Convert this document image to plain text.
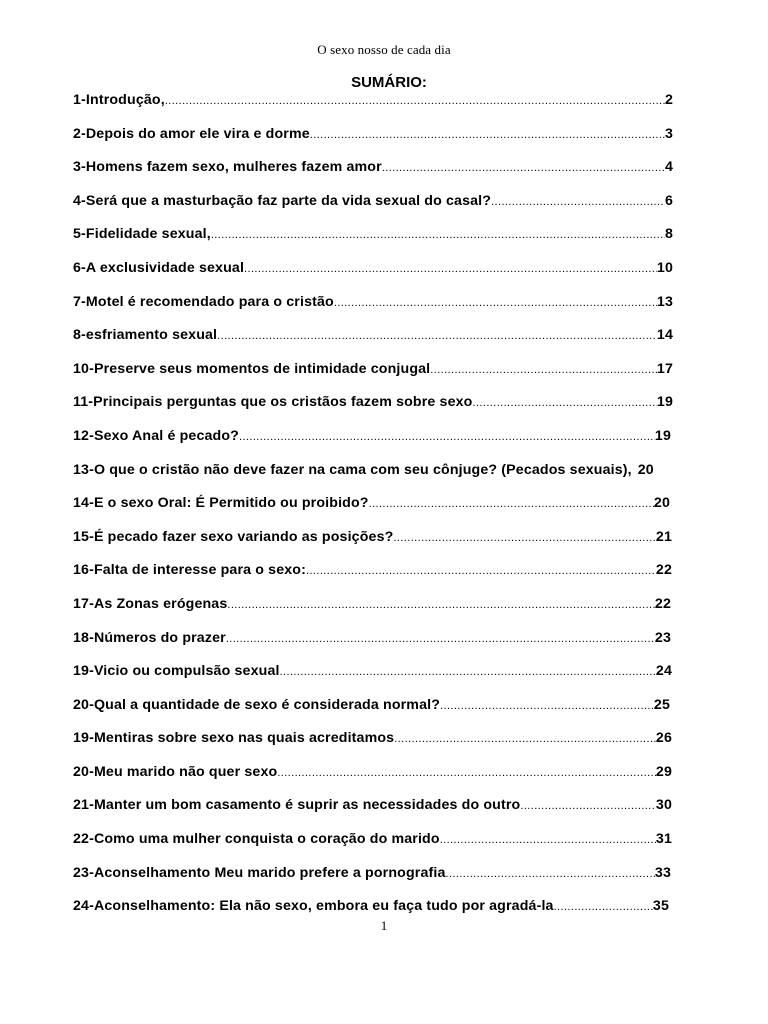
O sexo nosso de cada dia
SUMÁRIO:
1-Introdução, .....	2
2-Depois do amor ele vira e dorme .....	3
3-Homens fazem sexo, mulheres fazem amor .....	4
4-Será que a masturbação faz parte da vida sexual do casal? .....	6
5-Fidelidade sexual, .....	8
6-A exclusividade sexual .....	10
7-Motel é recomendado para o cristão .....	13
8-esfriamento sexual .....	14
10-Preserve seus momentos de intimidade conjugal .....	17
11-Principais perguntas que os cristãos fazem sobre sexo .....	19
12-Sexo Anal é pecado? .....	19
13-O que o cristão não deve fazer na cama com seu cônjuge? (Pecados sexuais), 20
14-E o sexo Oral: É Permitido ou proibido? .....	20
15-É pecado fazer sexo variando as posições? .....	21
16-Falta de interesse para o sexo: .....	22
17-As Zonas erógenas .....	22
18-Números do prazer .....	23
19-Vicio ou compulsão sexual .....	24
20-Qual a quantidade de sexo é considerada normal? .....	25
19-Mentiras sobre sexo nas quais acreditamos .....	26
20-Meu marido não quer sexo .....	29
21-Manter um bom casamento é suprir as necessidades do outro .....	30
22-Como uma mulher conquista o coração do marido .....	31
23-Aconselhamento Meu marido prefere a pornografia .....	33
24-Aconselhamento: Ela não sexo, embora eu faça tudo por agradá-la .....	35
1
